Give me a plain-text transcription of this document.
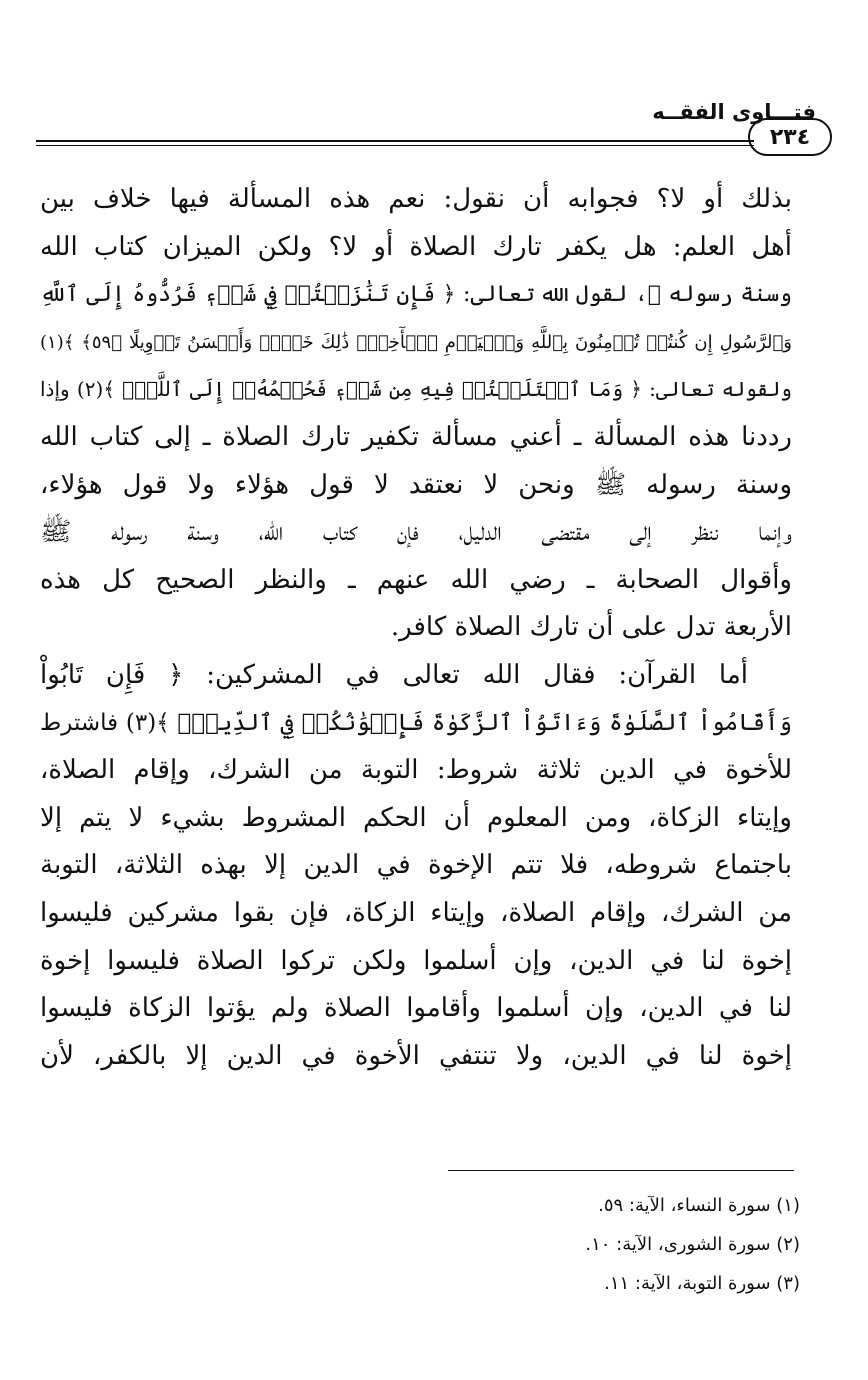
فتـــاوى الفقــه
٢٣٤
بذلك أو لا؟ فجوابه أن نقول: نعم هذه المسألة فيها خلاف بين
أهل العلم: هل يكفر تارك الصلاة أو لا؟ ولكن الميزان كتاب الله
وسنة رسوله ﷺ، لقول الله تعالى: ﴿ فَإِن تَنَٰزَعۡتُمۡ فِي شَيۡءٖ فَرُدُّوهُ إِلَى ٱللَّهِ
وَٱلرَّسُولِ إِن كُنتُمۡ تُؤۡمِنُونَ بِٱللَّهِ وَٱلۡيَوۡمِ ٱلۡأٓخِرِۚ ذَٰلِكَ خَيۡرٞ وَأَحۡسَنُ تَأۡوِيلًا ﴿٥٩﴾ ﴾(١)
ولقوله تعالى: ﴿ وَمَا ٱخۡتَلَفۡتُمۡ فِيهِ مِن شَيۡءٖ فَحُكۡمُهُۥٓ إِلَى ٱللَّهِۚ ﴾(٢) وإذا
رددنا هذه المسألة ـ أعني مسألة تكفير تارك الصلاة ـ إلى كتاب الله
وسنة رسوله ﷺ ونحن لا نعتقد لا قول هؤلاء ولا قول هؤلاء،
وإنما ننظر إلى مقتضى الدليل، فإن كتاب الله، وسنة رسوله ﷺ
وأقوال الصحابة ـ رضي الله عنهم ـ والنظر الصحيح كل هذه
الأربعة تدل على أن تارك الصلاة كافر.
أما القرآن: فقال الله تعالى في المشركين: ﴿ فَإِن تَابُواْ
وَأَقَامُواْ ٱلصَّلَوٰةَ وَءَاتَوُاْ ٱلزَّكَوٰةَ فَإِخۡوَٰنُكُمۡ فِي ٱلدِّينِۗ ﴾(٣) فاشترط
للأخوة في الدين ثلاثة شروط: التوبة من الشرك، وإقام الصلاة،
وإيتاء الزكاة، ومن المعلوم أن الحكم المشروط بشيء لا يتم إلا
باجتماع شروطه، فلا تتم الإخوة في الدين إلا بهذه الثلاثة، التوبة
من الشرك، وإقام الصلاة، وإيتاء الزكاة، فإن بقوا مشركين فليسوا
إخوة لنا في الدين، وإن أسلموا ولكن تركوا الصلاة فليسوا إخوة
لنا في الدين، وإن أسلموا وأقاموا الصلاة ولم يؤتوا الزكاة فليسوا
إخوة لنا في الدين، ولا تنتفي الأخوة في الدين إلا بالكفر، لأن
(١) سورة النساء، الآية: ٥٩.
(٢) سورة الشورى، الآية: ١٠.
(٣) سورة التوبة، الآية: ١١.
